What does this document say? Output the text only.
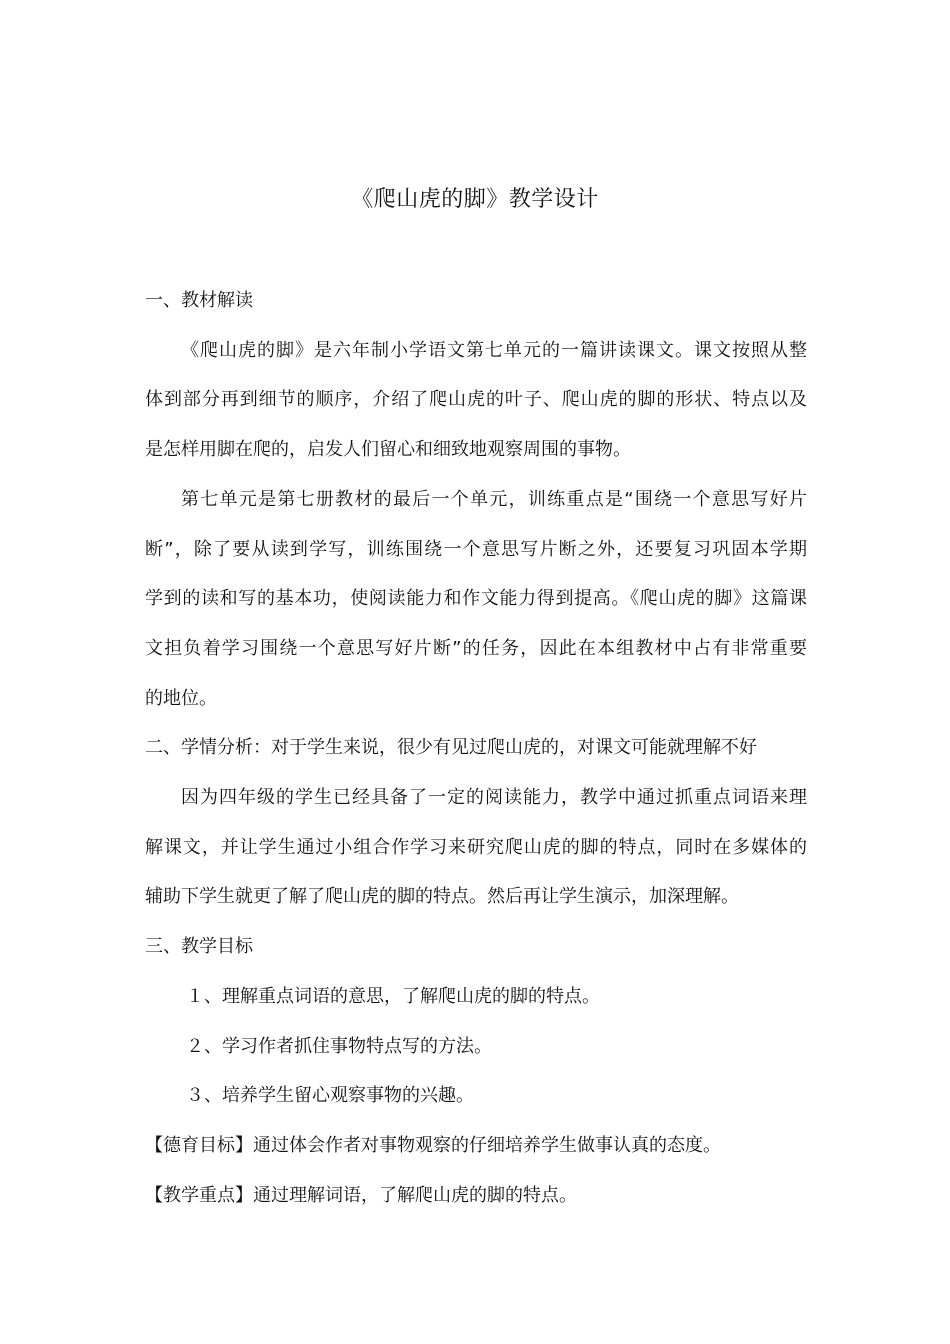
《爬山虎的脚》教学设计
一、教材解读
《爬山虎的脚》是六年制小学语文第七单元的一篇讲读课文。课文按照从整
体到部分再到细节的顺序，介绍了爬山虎的叶子、爬山虎的脚的形状、特点以及
是怎样用脚在爬的，启发人们留心和细致地观察周围的事物。
第七单元是第七册教材的最后一个单元，训练重点是“围绕一个意思写好片
断”，除了要从读到学写，训练围绕一个意思写片断之外，还要复习巩固本学期
学到的读和写的基本功，使阅读能力和作文能力得到提高。《爬山虎的脚》这篇课
文担负着学习围绕一个意思写好片断”的任务，因此在本组教材中占有非常重要
的地位。
二、学情分析：对于学生来说，很少有见过爬山虎的，对课文可能就理解不好
因为四年级的学生已经具备了一定的阅读能力，教学中通过抓重点词语来理
解课文，并让学生通过小组合作学习来研究爬山虎的脚的特点，同时在多媒体的
辅助下学生就更了解了爬山虎的脚的特点。然后再让学生演示，加深理解。
三、教学目标
１、理解重点词语的意思，了解爬山虎的脚的特点。
２、学习作者抓住事物特点写的方法。
３、培养学生留心观察事物的兴趣。
【德育目标】通过体会作者对事物观察的仔细培养学生做事认真的态度。
【教学重点】通过理解词语，了解爬山虎的脚的特点。
